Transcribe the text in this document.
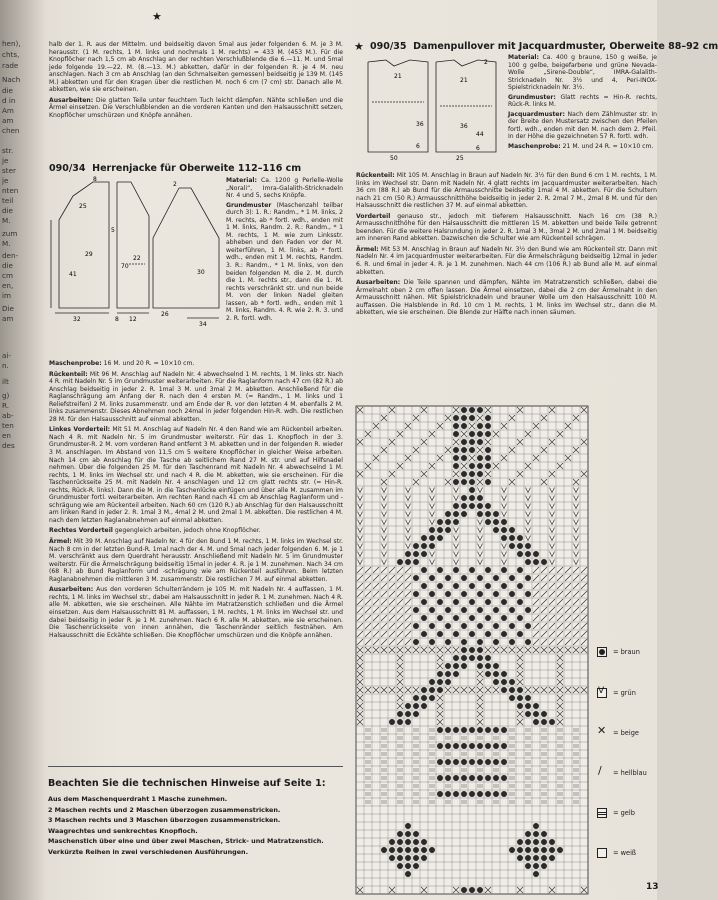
hen),
chts,
rade
Nach
die
d in
Am
am
chen
str.
je
ster
je
nten
teil
die
M.
zum
M.
den-
die
cm
en,
im
Die
am
ai-
n.
ilt
g)
R.
ab-
ten
en
des
★

halb der 1. R. aus der Mittelm. und beidseitig davon 5mal aus jeder folgenden 6. M. je 3 M. herausstr. (1 M. rechts, 1 M. links und nochmals 1 M. rechts) = 433 M. (453 M.). Für die Knopflöcher nach 1,5 cm ab Anschlag an der rechten Verschlußblende die 6.—11. M. und 5mal jede folgende 19.—22. M. (8.—13. M.) abketten, dafür in der folgenden R. je 4 M. neu anschlagen. Nach 3 cm ab Anschlag (an den Schmalseiten gemessen) beidseitig je 139 M. (145 M.) abketten und für den Kragen über die restlichen M. noch 6 cm (7 cm) str. Danach alle M. abketten, wie sie erscheinen.

Ausarbeiten: Die glatten Teile unter feuchtem Tuch leicht dämpfen. Nähte schließen und die Ärmel einsetzen. Die Verschlußblenden an die vorderen Kanten und den Halsausschnitt setzen, Knopflöcher umschürzen und Knöpfe annähen.

090/34 Herrenjacke für Oberweite 112–116 cm
8
25
29
70
41
22
5
2
30
32	8 12
26
34

Material: Ca. 1200 g Perlelle-Wolle „Norali“, Imra-Galalith-Stricknadeln Nr. 4 und 5, sechs Knöpfe.

Grundmuster (Maschenzahl teilbar durch 3): 1. R.: Randm., * 1 M. links, 2 M. rechts, ab * fortl. wdh., enden mit 1 M. links, Randm. 2. R.: Randm., * 1 M. rechts, 1 M. wie zum Linksstr. abheben und den Faden vor der M. weiterführen, 1 M. links, ab * fortl. wdh., enden mit 1 M. rechts, Randm. 3. R.: Randm., * 1 M. links, von den beiden folgenden M. die 2. M. durch die 1. M. rechts str., dann die 1. M. rechts verschränkt str. und nun beide M. von der linken Nadel gleiten lassen, ab * fortl. wdh., enden mit 1 M. links, Randm. 4. R. wie 2. R. 3. und 2. R. fortl. wdh.

Maschenprobe: 16 M. und 20 R. = 10×10 cm.

Rückenteil: Mit 96 M. Anschlag auf Nadeln Nr. 4 abwechselnd 1 M. rechts, 1 M. links str. Nach 4 R. mit Nadeln Nr. 5 im Grundmuster weiterarbeiten. Für die Raglanform nach 47 cm (82 R.) ab Anschlag beidseitig in jeder 2. R. 1mal 3 M. und 3mal 2 M. abketten. Anschließend für die Raglanschrägung am Anfang der R. nach den 4 ersten M. (= Randm., 1 M. links und 1 Reliefstreifen) 2 M. links zusammenstr. und am Ende der R. vor den letzten 4 M. ebenfalls 2 M. links zusammenstr. Dieses Abnehmen noch 24mal in jeder folgenden Hin-R. wdh. Die restlichen 28 M. für den Halsausschnitt auf einmal abketten.

Linkes Vorderteil: Mit 51 M. Anschlag auf Nadeln Nr. 4 den Rand wie am Rückenteil arbeiten. Nach 4 R. mit Nadeln Nr. 5 im Grundmuster weiterstr. Für das 1. Knopfloch in der 3. Grundmuster-R. 2 M. vom vorderen Rand entfernt 3 M. abketten und in der folgenden R. wieder 3 M. anschlagen. Im Abstand von 11,5 cm 5 weitere Knopflöcher in gleicher Weise arbeiten. Nach 14 cm ab Anschlag für die Tasche ab seitlichem Rand 27 M. str. und auf Hilfsnadel nehmen. Über die folgenden 25 M. für den Taschenrand mit Nadeln Nr. 4 abwechselnd 1 M. rechts, 1 M. links im Wechsel str. und nach 4 R. die M. abketten, wie sie erscheinen. Für die Taschenrückseite 25 M. mit Nadeln Nr. 4 anschlagen und 12 cm glatt rechts str. (= Hin-R. rechts, Rück-R. links). Dann die M. in die Taschenlücke einfügen und über alle M. zusammen im Grundmuster fortl. weiterarbeiten. Am rechten Rand nach 41 cm ab Anschlag Raglanform und -schrägung wie am Rückenteil arbeiten. Nach 60 cm (120 R.) ab Anschlag für den Halsausschnitt am linken Rand in jeder 2. R. 1mal 3 M., 4mal 2 M. und 2mal 1 M. abketten. Die restlichen 4 M. nach dem letzten Raglanabnehmen auf einmal abketten.

Rechtes Vorderteil gegengleich arbeiten, jedoch ohne Knopflöcher.

Ärmel: Mit 39 M. Anschlag auf Nadeln Nr. 4 für den Bund 1 M. rechts, 1 M. links im Wechsel str. Nach 8 cm in der letzten Bund-R. 1mal nach der 4. M. und 5mal nach jeder folgenden 6. M. je 1 M. verschränkt aus dem Querdraht herausstr. Anschließend mit Nadeln Nr. 5 im Grundmuster weiterstr. Für die Ärmelschrägung beidseitig 15mal in jeder 4. R. je 1 M. zunehmen. Nach 34 cm (68 R.) ab Bund Raglanform und -schrägung wie am Rückenteil ausführen. Beim letzten Raglanabnehmen die mittleren 3 M. zusammenstr. Die restlichen 7 M. auf einmal abketten.

Ausarbeiten: Aus den vorderen Schulterrändern je 105 M. mit Nadeln Nr. 4 auffassen, 1 M. rechts, 1 M. links im Wechsel str., dabei am Halsausschnitt in jeder R. 1 M. zunehmen. Nach 4 R. alle M. abketten, wie sie erscheinen. Alle Nähte im Matratzenstich schließen und die Ärmel einsetzen. Aus dem Halsausschnitt 81 M. auffassen, 1 M. rechts, 1 M. links im Wechsel str. und dabei beidseitig in jeder R. je 1 M. zunehmen. Nach 6 R. alle M. abketten, wie sie erscheinen. Die Taschenrückseite von innen annähen, die Taschenränder seitlich festnähen. Am Halsausschnitt die Eckähte schließen. Die Knopflöcher umschürzen und die Knöpfe annähen.

Beachten Sie die technischen Hinweise auf Seite 1:
Aus dem Maschenquerdraht 1 Masche zunehmen.
2 Maschen rechts und 2 Maschen überzogen zusammenstricken.
3 Maschen rechts und 3 Maschen überzogen zusammenstricken.
Waagrechtes und senkrechtes Knopfloch.
Maschenstich über eine und über zwei Maschen, Strick- und Matratzenstich.
Verkürzte Reihen in zwei verschiedenen Ausführungen.
★ 090/35 Damenpullover mit Jacquardmuster, Oberweite 88–92 cm
21
36
6
50
21
36
2
44
6
25

Material: Ca. 400 g braune, 150 g weiße, je 100 g gelbe, beigefarbene und grüne Nevada-Wolle „Sirene-Double“, IMRA-Galalith-Stricknadeln Nr. 3½ und 4, Peri-INOX-Spielstricknadeln Nr. 3½.

Grundmuster: Glatt rechts = Hin-R. rechts, Rück-R. links M.

Jacquardmuster: Nach dem Zählmuster str. In der Breite den Mustersatz zwischen den Pfeilen fortl. wdh., enden mit den M. nach dem 2. Pfeil. In der Höhe die gezeichneten 57 R. fortl. wdh.

Maschenprobe: 21 M. und 24 R. = 10×10 cm.

Rückenteil: Mit 105 M. Anschlag in Braun auf Nadeln Nr. 3½ für den Bund 6 cm 1 M. rechts, 1 M. links im Wechsel str. Dann mit Nadeln Nr. 4 glatt rechts im Jacquardmuster weiterarbeiten. Nach 36 cm (88 R.) ab Bund für die Armausschnitte beidseitig 1mal 4 M. abketten. Für die Schultern nach 21 cm (50 R.) Armausschnitthöhe beidseitig in jeder 2. R. 2mal 7 M., 2mal 8 M. und für den Halsausschnitt die restlichen 37 M. auf einmal abketten.

Vorderteil genauso str., jedoch mit tieferem Halsausschnitt. Nach 16 cm (38 R.) Armausschnitthöhe für den Halsausschnitt die mittleren 15 M. abketten und beide Teile getrennt beenden. Für die weitere Halsrundung in jeder 2. R. 1mal 3 M., 3mal 2 M. und 2mal 1 M. beidseitig am inneren Rand abketten. Dazwischen die Schulter wie am Rückenteil schrägen.

Ärmel: Mit 53 M. Anschlag in Braun auf Nadeln Nr. 3½ den Bund wie am Rückenteil str. Dann mit Nadeln Nr. 4 im Jacquardmuster weiterarbeiten. Für die Ärmelschrägung beidseitig 12mal in jeder 6. R. und 6mal in jeder 4. R. je 1 M. zunehmen. Nach 44 cm (106 R.) ab Bund alle M. auf einmal abketten.

Ausarbeiten: Die Teile spannen und dämpfen, Nähte im Matratzenstich schließen, dabei die Ärmelnaht oben 2 cm offen lassen. Die Ärmel einsetzen, dabei die 2 cm der Ärmelnaht in den Armausschnitt nähen. Mit Spielstricknadeln und brauner Wolle um den Halsausschnitt 100 M. auffassen. Die Halsblende in Rd. 10 cm 1 M. rechts, 1 M. links im Wechsel str., dann die M. abketten, wie sie erscheinen. Die Blende zur Hälfte nach innen säumen.

= braun
V = grün
✕ = beige
/ = hellblau
= gelb
= weiß
13
